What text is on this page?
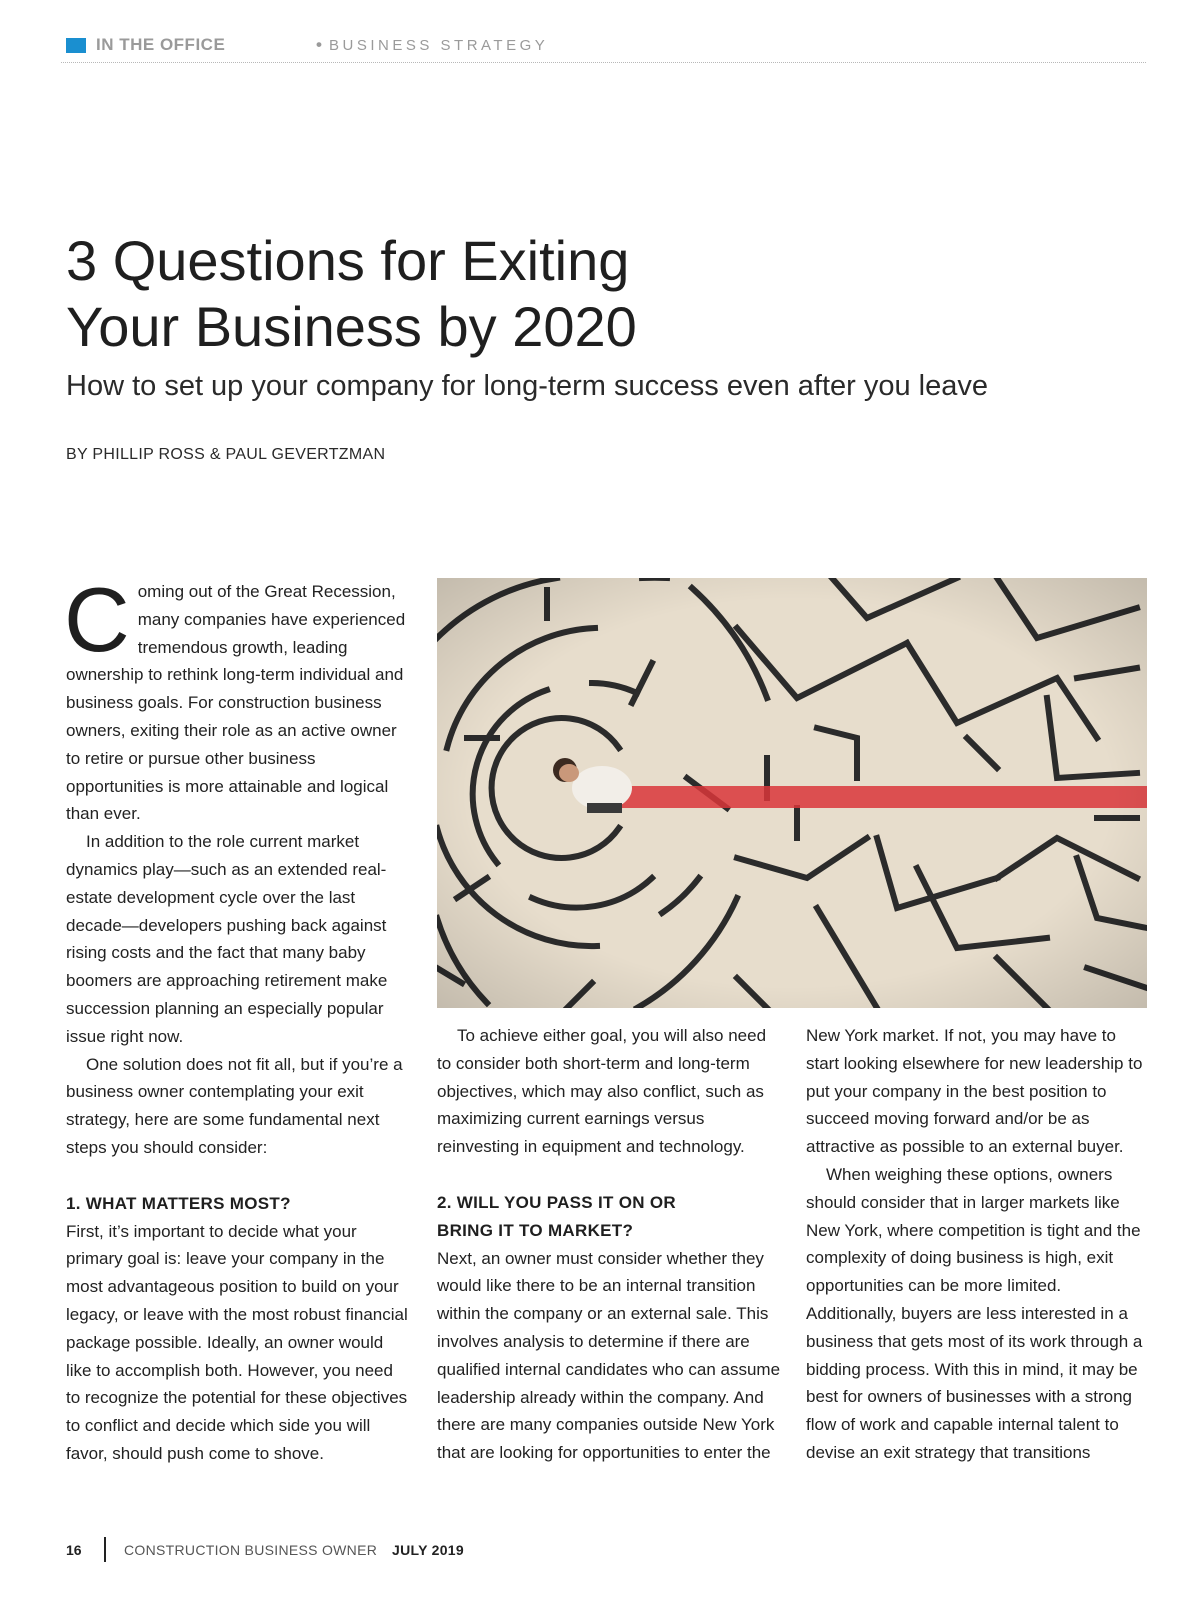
IN THE OFFICE	• BUSINESS STRATEGY
3 Questions for Exiting
Your Business by 2020
How to set up your company for long-term success even after you leave
BY PHILLIP ROSS & PAUL GEVERTZMAN

Coming out of the Great Recession, many companies have experienced tremendous growth, leading ownership to rethink long-term individual and business goals. For construction business owners, exiting their role as an active owner to retire or pursue other business opportunities is more attainable and logical than ever.

In addition to the role current market dynamics play—such as an extended real-estate development cycle over the last decade—developers pushing back against rising costs and the fact that many baby boomers are approaching retirement make succession planning an especially popular issue right now.

One solution does not fit all, but if you’re a business owner contemplating your exit strategy, here are some fundamental next steps you should consider:

1. WHAT MATTERS MOST?

First, it’s important to decide what your primary goal is: leave your company in the most advantageous position to build on your legacy, or leave with the most robust financial package possible. Ideally, an owner would like to accomplish both. However, you need to recognize the potential for these objectives to conflict and decide which side you will favor, should push come to shove.

To achieve either goal, you will also need to consider both short-term and long-term objectives, which may also conflict, such as maximizing current earnings versus reinvesting in equipment and technology.

2. WILL YOU PASS IT ON OR
BRING IT TO MARKET?

Next, an owner must consider whether they would like there to be an internal transition within the company or an external sale. This involves analysis to determine if there are qualified internal candidates who can assume leadership already within the company. And there are many companies outside New York that are looking for opportunities to enter the

New York market. If not, you may have to start looking elsewhere for new leadership to put your company in the best position to succeed moving forward and/or be as attractive as possible to an external buyer.

When weighing these options, owners should consider that in larger markets like New York, where competition is tight and the complexity of doing business is high, exit opportunities can be more limited. Additionally, buyers are less interested in a business that gets most of its work through a bidding process. With this in mind, it may be best for owners of businesses with a strong flow of work and capable internal talent to devise an exit strategy that transitions

16	CONSTRUCTION BUSINESS OWNER JULY 2019
